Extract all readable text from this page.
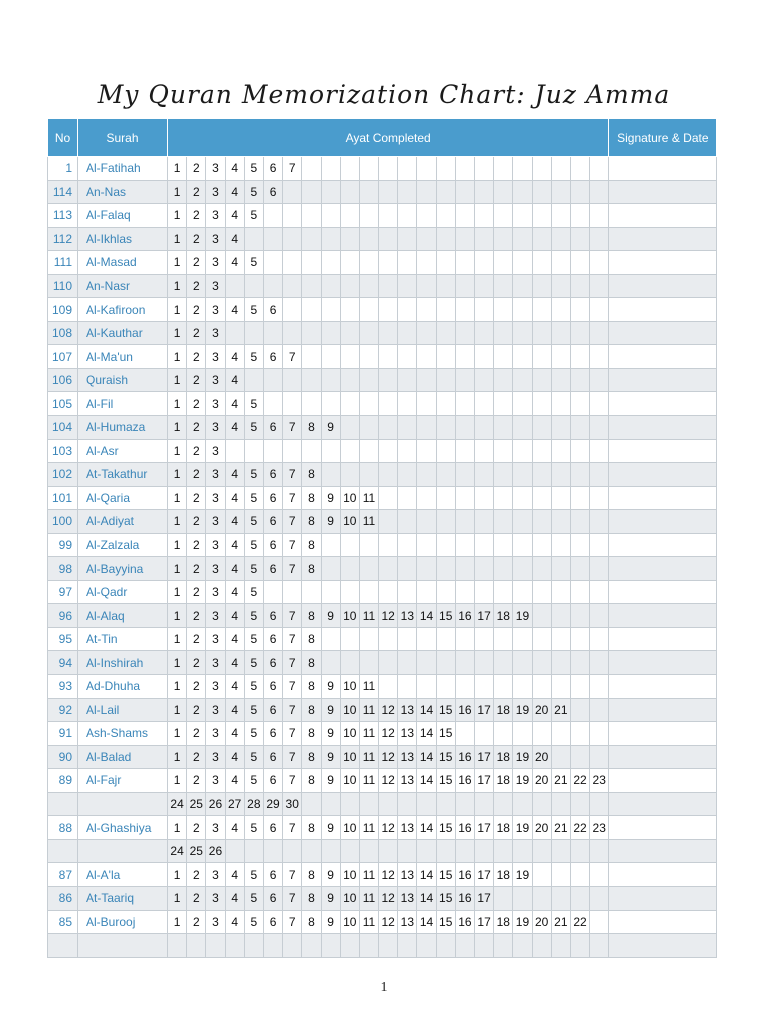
My Quran Memorization Chart: Juz Amma
No	Surah	Ayat Completed																							Signature & Date
1	Al-Fatihah	1	2	3	4	5	6	7																	
114	An-Nas	1	2	3	4	5	6																		
113	Al-Falaq	1	2	3	4	5																			
112	Al-Ikhlas	1	2	3	4																				
111	Al-Masad	1	2	3	4	5																			
110	An-Nasr	1	2	3																					
109	Al-Kafiroon	1	2	3	4	5	6																		
108	Al-Kauthar	1	2	3																					
107	Al-Ma'un	1	2	3	4	5	6	7																	
106	Quraish	1	2	3	4																				
105	Al-Fil	1	2	3	4	5																			
104	Al-Humaza	1	2	3	4	5	6	7	8	9															
103	Al-Asr	1	2	3																					
102	At-Takathur	1	2	3	4	5	6	7	8																
101	Al-Qaria	1	2	3	4	5	6	7	8	9	10	11													
100	Al-Adiyat	1	2	3	4	5	6	7	8	9	10	11													
99	Al-Zalzala	1	2	3	4	5	6	7	8																
98	Al-Bayyina	1	2	3	4	5	6	7	8																
97	Al-Qadr	1	2	3	4	5																			
96	Al-Alaq	1	2	3	4	5	6	7	8	9	10	11	12	13	14	15	16	17	18	19					
95	At-Tin	1	2	3	4	5	6	7	8																
94	Al-Inshirah	1	2	3	4	5	6	7	8																
93	Ad-Dhuha	1	2	3	4	5	6	7	8	9	10	11													
92	Al-Lail	1	2	3	4	5	6	7	8	9	10	11	12	13	14	15	16	17	18	19	20	21			
91	Ash-Shams	1	2	3	4	5	6	7	8	9	10	11	12	13	14	15									
90	Al-Balad	1	2	3	4	5	6	7	8	9	10	11	12	13	14	15	16	17	18	19	20				
89	Al-Fajr	1	2	3	4	5	6	7	8	9	10	11	12	13	14	15	16	17	18	19	20	21	22	23	
		24	25	26	27	28	29	30																	
88	Al-Ghashiya	1	2	3	4	5	6	7	8	9	10	11	12	13	14	15	16	17	18	19	20	21	22	23	
		24	25	26																					
87	Al-A'la	1	2	3	4	5	6	7	8	9	10	11	12	13	14	15	16	17	18	19					
86	At-Taariq	1	2	3	4	5	6	7	8	9	10	11	12	13	14	15	16	17							
85	Al-Burooj	1	2	3	4	5	6	7	8	9	10	11	12	13	14	15	16	17	18	19	20	21	22		

1
